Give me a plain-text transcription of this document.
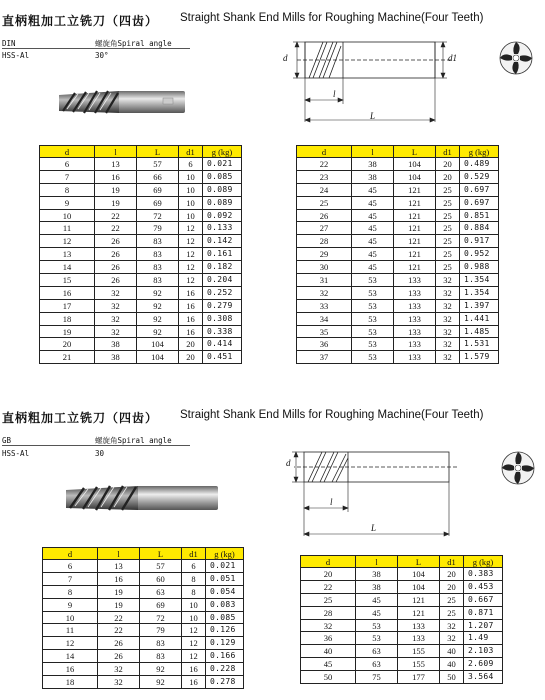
直柄粗加工立铣刀（四齿） Straight Shank End Mills for Roughing Machine(Four Teeth)
DIN	螺旋角Spiral angle
HSS-Al	30°	d	d1
l
L
d	l	L	d1	g (kg)
6	13	57	6	0.021
7	16	66	10	0.085
8	19	69	10	0.089
9	19	69	10	0.089
10	22	72	10	0.092
11	22	79	12	0.133
12	26	83	12	0.142
13	26	83	12	0.161
14	26	83	12	0.182
15	26	83	12	0.204
16	32	92	16	0.252
17	32	92	16	0.279
18	32	92	16	0.308
19	32	92	16	0.338
20	38	104	20	0.414
21	38	104	20	0.451
d	l	L	d1	g (kg)
22	38	104	20	0.489
23	38	104	20	0.529
24	45	121	25	0.697
25	45	121	25	0.697
26	45	121	25	0.851
27	45	121	25	0.884
28	45	121	25	0.917
29	45	121	25	0.952
30	45	121	25	0.988
31	53	133	32	1.354
32	53	133	32	1.354
33	53	133	32	1.397
34	53	133	32	1.441
35	53	133	32	1.485
36	53	133	32	1.531
37	53	133	32	1.579
直柄粗加工立铣刀（四齿） Straight Shank End Mills for Roughing Machine(Four Teeth)
GB	螺旋角Spiral angle
HSS-Al	30
d
l
L
d	l	L	d1	g (kg)
6	13	57	6	0.021
7	16	60	8	0.051
8	19	63	8	0.054
9	19	69	10	0.083
10	22	72	10	0.085
11	22	79	12	0.126
12	26	83	12	0.129
14	26	83	12	0.166
16	32	92	16	0.228
18	32	92	16	0.278
d	l	L	d1	g (kg)
20	38	104	20	0.383
22	38	104	20	0.453
25	45	121	25	0.667
28	45	121	25	0.871
32	53	133	32	1.207
36	53	133	32	1.49
40	63	155	40	2.103
45	63	155	40	2.609
50	75	177	50	3.564
